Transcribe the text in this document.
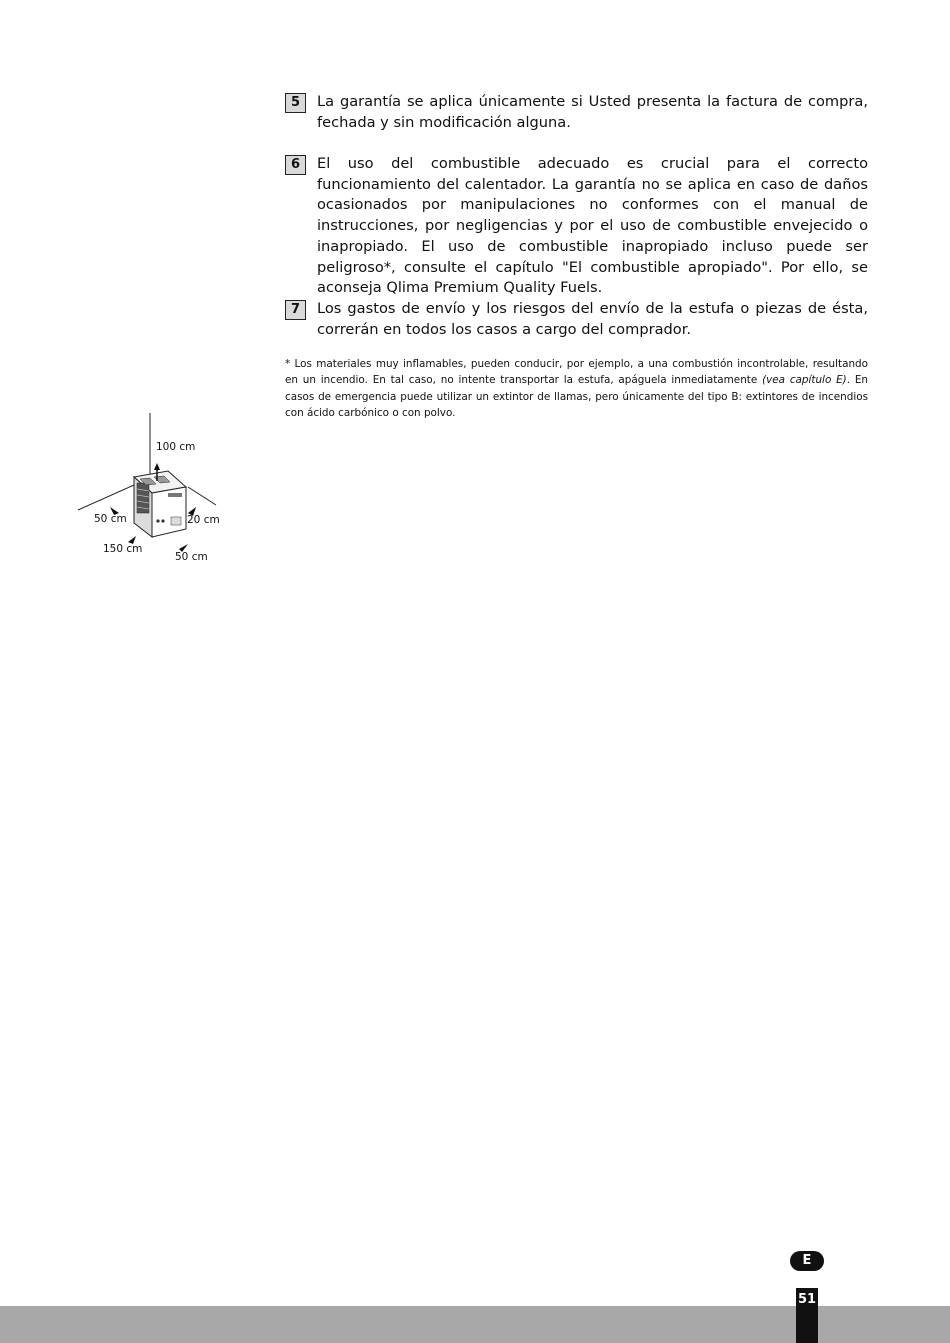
5	La garantía se aplica únicamente si Usted presenta la factura de compra, fechada y sin modificación alguna.
6	El uso del combustible adecuado es crucial para el correcto funcionamiento del calentador. La garantía no se aplica en caso de daños ocasionados por manipulaciones no conformes con el manual de instrucciones, por negligencias y por el uso de combustible envejecido o inapropiado. El uso de combustible inapropiado incluso puede ser peligroso*, consulte el capítulo "El combustible apropiado". Por ello, se aconseja Qlima Premium Quality Fuels.
7	Los gastos de envío y los riesgos del envío de la estufa o piezas de ésta, correrán en todos los casos a cargo del comprador.
* Los materiales muy inflamables, pueden conducir, por ejemplo, a una combustión incontrolable, resultando en un incendio. En tal caso, no intente transportar la estufa, apáguela inmediatamente (vea capítulo E). En casos de emergencia puede utilizar un extintor de llamas, pero únicamente del tipo B: extintores de incendios con ácido carbónico o con polvo.
100 cm
50 cm	20 cm
150 cm
50 cm
E
51
